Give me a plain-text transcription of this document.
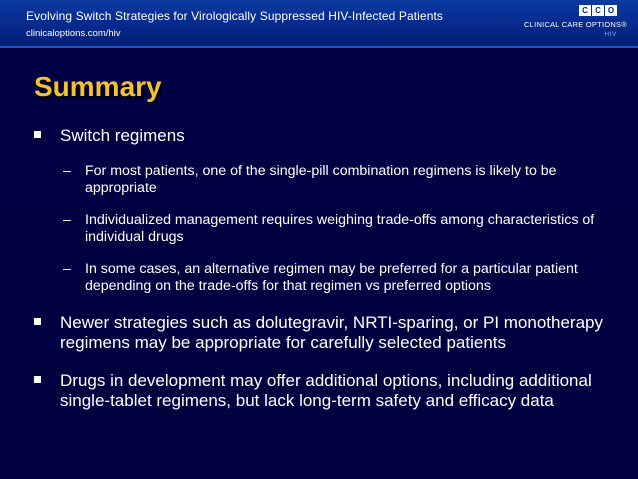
Evolving Switch Strategies for Virologically Suppressed HIV-Infected Patients
clinicaloptions.com/hiv
C C O
CLINICAL CARE OPTIONS®
HIV
Summary
Switch regimens
– For most patients, one of the single-pill combination regimens is likely to be appropriate
– Individualized management requires weighing trade-offs among characteristics of individual drugs
– In some cases, an alternative regimen may be preferred for a particular patient depending on the trade-offs for that regimen vs preferred options
Newer strategies such as dolutegravir, NRTI-sparing, or PI monotherapy regimens may be appropriate for carefully selected patients
Drugs in development may offer additional options, including additional single-tablet regimens, but lack long-term safety and efficacy data
